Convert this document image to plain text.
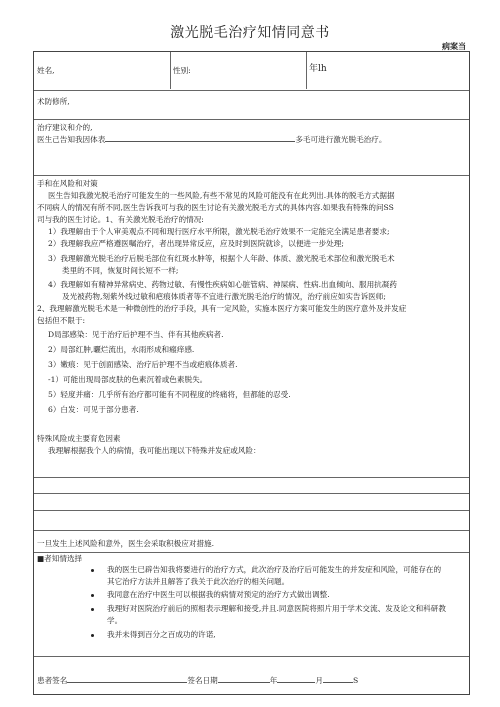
激光脱毛治疗知情同意书
病案当
姓名,	性别:	年lh
术防修所,
治疗建议和介的,
医生己告知我因体表	多毛可进行激光脱毛治疗。
手和在风险和对策
医生告知我激光脱毛治疗可能发生的一些风险,有些不常见的风险可能没有在此列出.具体的脱毛方式据据
不同病人的情况有所不同,医生告诉我可与我的医生讨论有关激光脱毛方式的具体内容.如果我有特殊的问SS
司与我的医生讨论。1、有关激光脱毛治疗的情况:
1）我理解由于个人审美观点不同和现行医疗水平所限，激光脱毛治疗效果不一定能完全满足患者要求;
2）我理解我应严格遵医嘱治疗，者出现异常反应，应及时到医院就诊，以便进一步处理;
3）我理解激光脱毛治疗后脱毛部位有红斑水肿等，根据个人年龄、体质、激光脱毛术部位和激光脱毛术
类里的不同，恢复时间长短不一样;
4）我理解如有精神异常病史、药物过敏、有慢性疾病如心脏管病、神屎病、性病.出血倾向、服用抗凝药
及光被药物,刻紫外线过敏和疤痕体质者等不宜进行激光脱毛治疗的情况，治疗前应如实告诉医师;
2、我理解激光脱毛术是一种微创性的治疗手段，具有一定风险，实施本医疗方案可能发生的医疗意外及并发症
包括但不限于:
D局部感染：见于治疗后护理不当、伴有其他疾病者.
2）局部红肿,曬烂流出，水雨形成和瘢痒感.
3）嫩痕：见于创面感染、治疗后护理不当或疤痕体质者.
-1）可能出现局部皮肤的色素沉着或色素脱失。
5）轻度并痛：几乎所有治疗都可能有不同程度的终痛将，但都能的忍受.
6）白发：可见于部分患者.
特殊风险成主要育危因素
我理解根据我个人的病情，我可能出现以下特殊并发症或风险：
一旦发生上述风险和意外，医生会采取积极应对措施.
■者知情选择
我的医生已辟告知我将要进行的治疗方式，此次治疗及治疗后可能发生的并发症和风险，可能存在的
其它治疗方法并且解答了我关于此次治疗的相关问题。
我同意在治疗中医生可以根据我的病情对预定的治疗方式做出调整.
我理好对医院治疗前后的照相表示理解和接受,并且.同意医院将照片用于学术交流、发及论文和科研教
学。
我并未得到百分之百成功的许诺,
患者签名	签名日期	年	月	S
